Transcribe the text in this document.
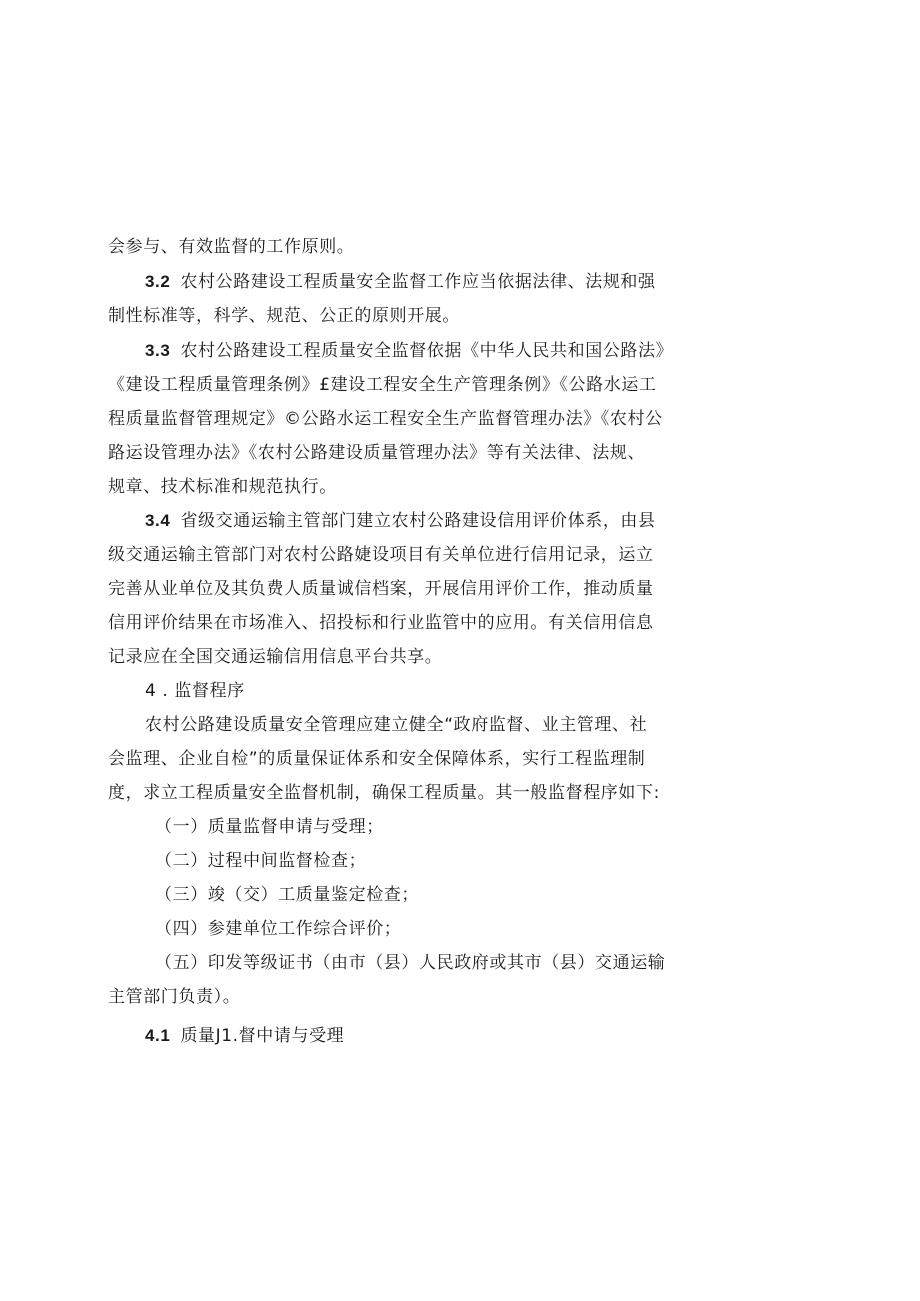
会参与、有效监督的工作原则。
3.2 农村公路建设工程质量安全监督工作应当依据法律、法规和强
制性标准等，科学、规范、公正的原则开展。
3.3 农村公路建设工程质量安全监督依据《中华人民共和国公路法》
《建设工程质量管理条例》£建设工程安全生产管理条例》《公路水运工
程质量监督管理规定》©公路水运工程安全生产监督管理办法》《农村公
路运设管理办法》《农村公路建设质量管理办法》等有关法律、法规、
规章、技术标准和规范执行。
3.4 省级交通运输主管部门建立农村公路建设信用评价体系，由县
级交通运输主管部门对农村公路婕设项目有关单位进行信用记录，运立
完善从业单位及其负费人质量诚信档案，开展信用评价工作，推动质量
信用评价结果在市场准入、招投标和行业监管中的应用。有关信用信息
记录应在全国交通运输信用信息平台共享。
4 . 监督程序
农村公路建设质量安全管理应建立健全“政府监督、业主管理、社
会监理、企业自检”的质量保证体系和安全保障体系，实行工程监理制
度，求立工程质量安全监督机制，确保工程质量。其一般监督程序如下:
（一）质量监督申请与受理；
（二）过程中间监督检查；
（三）竣（交）工质量鉴定检查；
（四）参建单位工作综合评价；
（五）印发等级证书（由市（县）人民政府或其市（县）交通运输
主管部门负责）。
4.1 质量J1.督中请与受理
